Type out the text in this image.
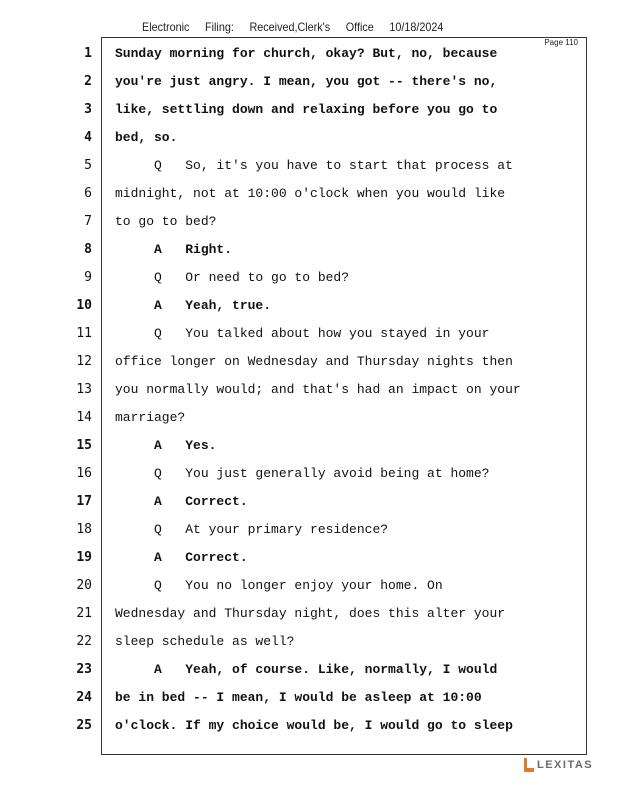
Electronic Filing: Received,Clerk's Office 10/18/2024
Page 110
1
2
3
4
5
6
7
8
9
10
11
12
13
14
15
16
17
18
19
20
21
22
23
24
25
Sunday morning for church, okay? But, no, because
you're just angry. I mean, you got -- there's no,
like, settling down and relaxing before you go to
bed, so.
Q   So, it's you have to start that process at
midnight, not at 10:00 o'clock when you would like
to go to bed?
A   Right.
Q   Or need to go to bed?
A   Yeah, true.
Q   You talked about how you stayed in your
office longer on Wednesday and Thursday nights then
you normally would; and that's had an impact on your
marriage?
A   Yes.
Q   You just generally avoid being at home?
A   Correct.
Q   At your primary residence?
A   Correct.
Q   You no longer enjoy your home. On
Wednesday and Thursday night, does this alter your
sleep schedule as well?
A   Yeah, of course. Like, normally, I would
be in bed -- I mean, I would be asleep at 10:00
o'clock. If my choice would be, I would go to sleep
LEXITAS
